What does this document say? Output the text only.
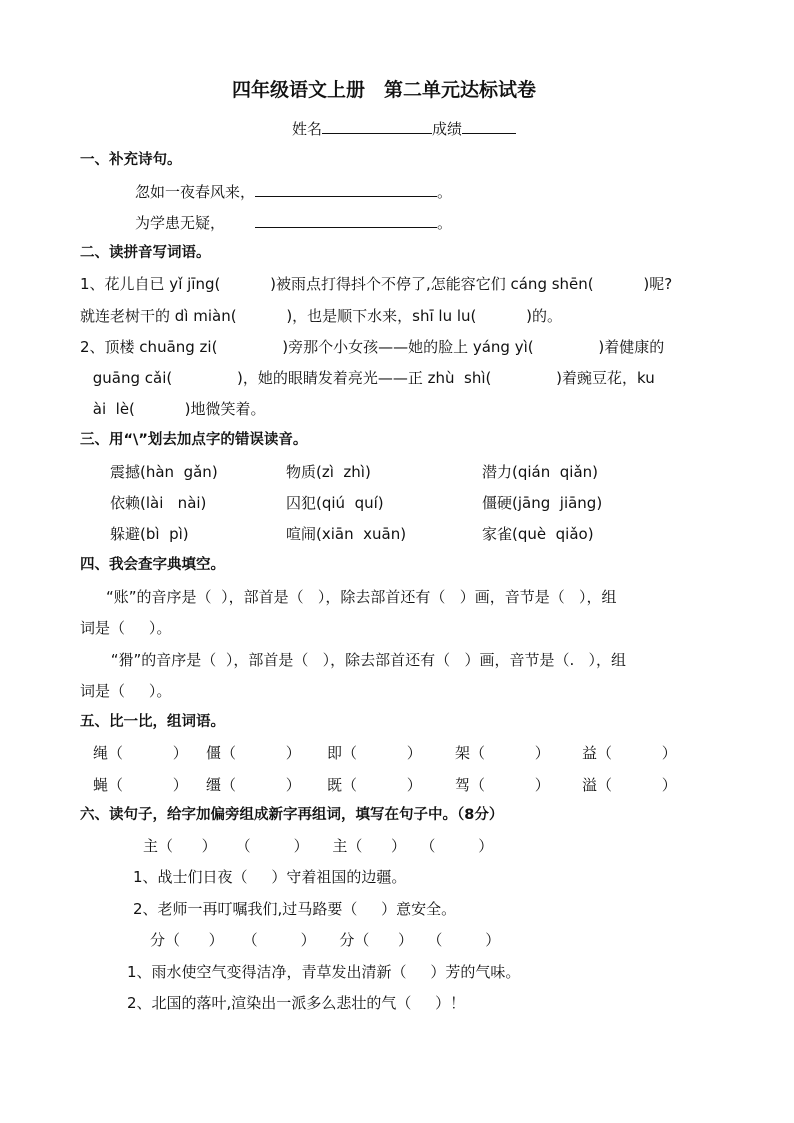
四年级语文上册　第二单元达标试卷
姓名	成绩
一、补充诗句。
忽如一夜春风来，	。
为学患无疑，	。
二、读拼音写词语。
1、花儿自已 yǐ jīng(　　　 )被雨点打得抖个不停了,怎能容它们 cáng shēn(　　　 )呢?
就连老树干的 dì miàn(　　　 )，也是顺下水来，shī lu lu(　　　 )的。
2、顶楼 chuāng zi(　　　　 )旁那个小女孩——她的脸上 yáng yì(　　　　 )着健康的
guāng cǎi(　　　　 )，她的眼睛发着亮光——正 zhù  shì(　　　　 )着豌豆花，ku
ài  lè(　　　 )地微笑着。
三、用“\”划去加点字的错误读音。
震撼(hàn  gǎn)	物质(zì  zhì)	潜力(qián  qiǎn)
依赖(lài   nài)	囚犯(qiú  quí)	僵硬(jāng  jiāng)
躲避(bì  pì)	喧闹(xiān  xuān)	家雀(què  qiǎo)
四、我会查字典填空。
“账”的音序是（  ），部首是（   ），除去部首还有（   ）画，音节是（   ），组
词是（     ）。
“猾”的音序是（  ），部首是（   ），除去部首还有（   ）画，音节是（.   ），组
词是（     ）。
五、比一比，组词语。
绳（　　 　） 僵（　 　　） 即（　 　　） 架（　 　　） 益（　 　　）
蝇（　　 　） 缰（　 　　） 既（　 　　） 驾（　 　　） 溢（　　 　）
六、读句子，给字加偏旁组成新字再组词，填写在句子中。（8分）
主（      ）    （         ）     主（      ）   （         ）
1、战士们日夜（     ）守着祖国的边疆。
2、老师一再叮嘱我们,过马路要（     ）意安全。
分（      ）    （         ）     分（      ）   （         ）
1、雨水使空气变得洁净，青草发出清新（     ）芳的气味。
2、北国的落叶,渲染出一派多么悲壮的气（     ）！
